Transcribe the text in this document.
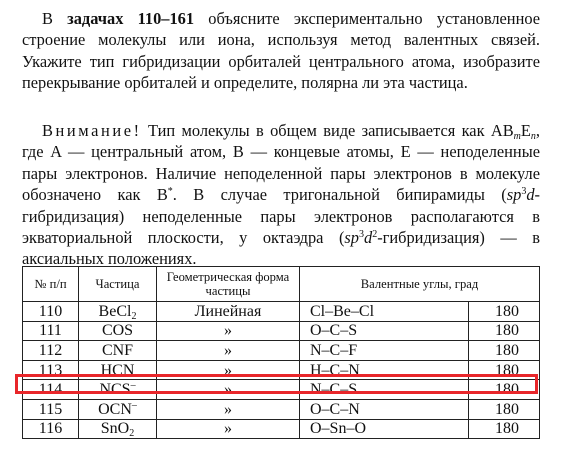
В задачах 110–161 объясните экспериментально установленное строение молекулы или иона, используя метод валентных связей. Укажите тип гибридизации орбиталей центрального атома, изобразите перекрывание орбиталей и определите, полярна ли эта частица.
Внимание! Тип молекулы в общем виде записывается как $AB_mE_n$, где A — центральный атом, B — концевые атомы, E — неподеленные пары электронов. Наличие неподеленной пары электронов в молекуле обозначено как B*. В случае тригональной бипирамиды $(sp^3d-гибридизация)$ неподеленные пары электронов располагаются в экваториальной плоскости, у октаэдра $(sp^3d^2-гибридизация)$ — в аксиальных положениях.
№ п/п	Частица	Геометрическая форма частицы	Валентные углы, град	
110	BeCl$_2$	Линейная	Cl–Be–Cl	180
111	COS	»	O–C–S	180
112	CNF	»	N–C–F	180
113	HCN	»	H–C–N	180
114	NCS–	»	N–C–S	180
115	OCN–	»	O–C–N	180
116	SnO$_2$	»	O–Sn–O	180
